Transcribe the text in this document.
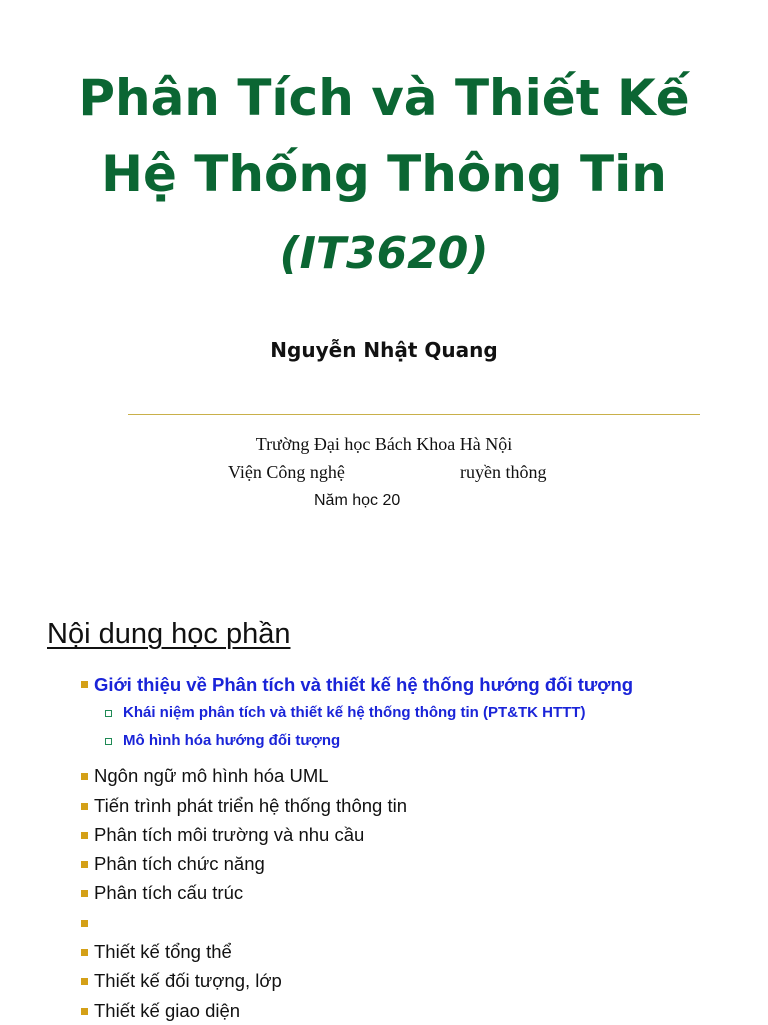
Phân Tích và Thiết Kế
Hệ Thống Thông Tin
(IT3620)
Nguyễn Nhật Quang
Trường Đại học Bách Khoa Hà Nội
Viện Công nghệ	ruyền thông
Năm học 20
Nội dung học phần
Giới thiệu về Phân tích và thiết kế hệ thống hướng đối tượng
Khái niệm phân tích và thiết kế hệ thống thông tin (PT&TK HTTT)
Mô hình hóa hướng đối tượng
Ngôn ngữ mô hình hóa UML
Tiến trình phát triển hệ thống thông tin
Phân tích môi trường và nhu cầu
Phân tích chức năng
Phân tích cấu trúc

Thiết kế tổng thể
Thiết kế đối tượng, lớp
Thiết kế giao diện
